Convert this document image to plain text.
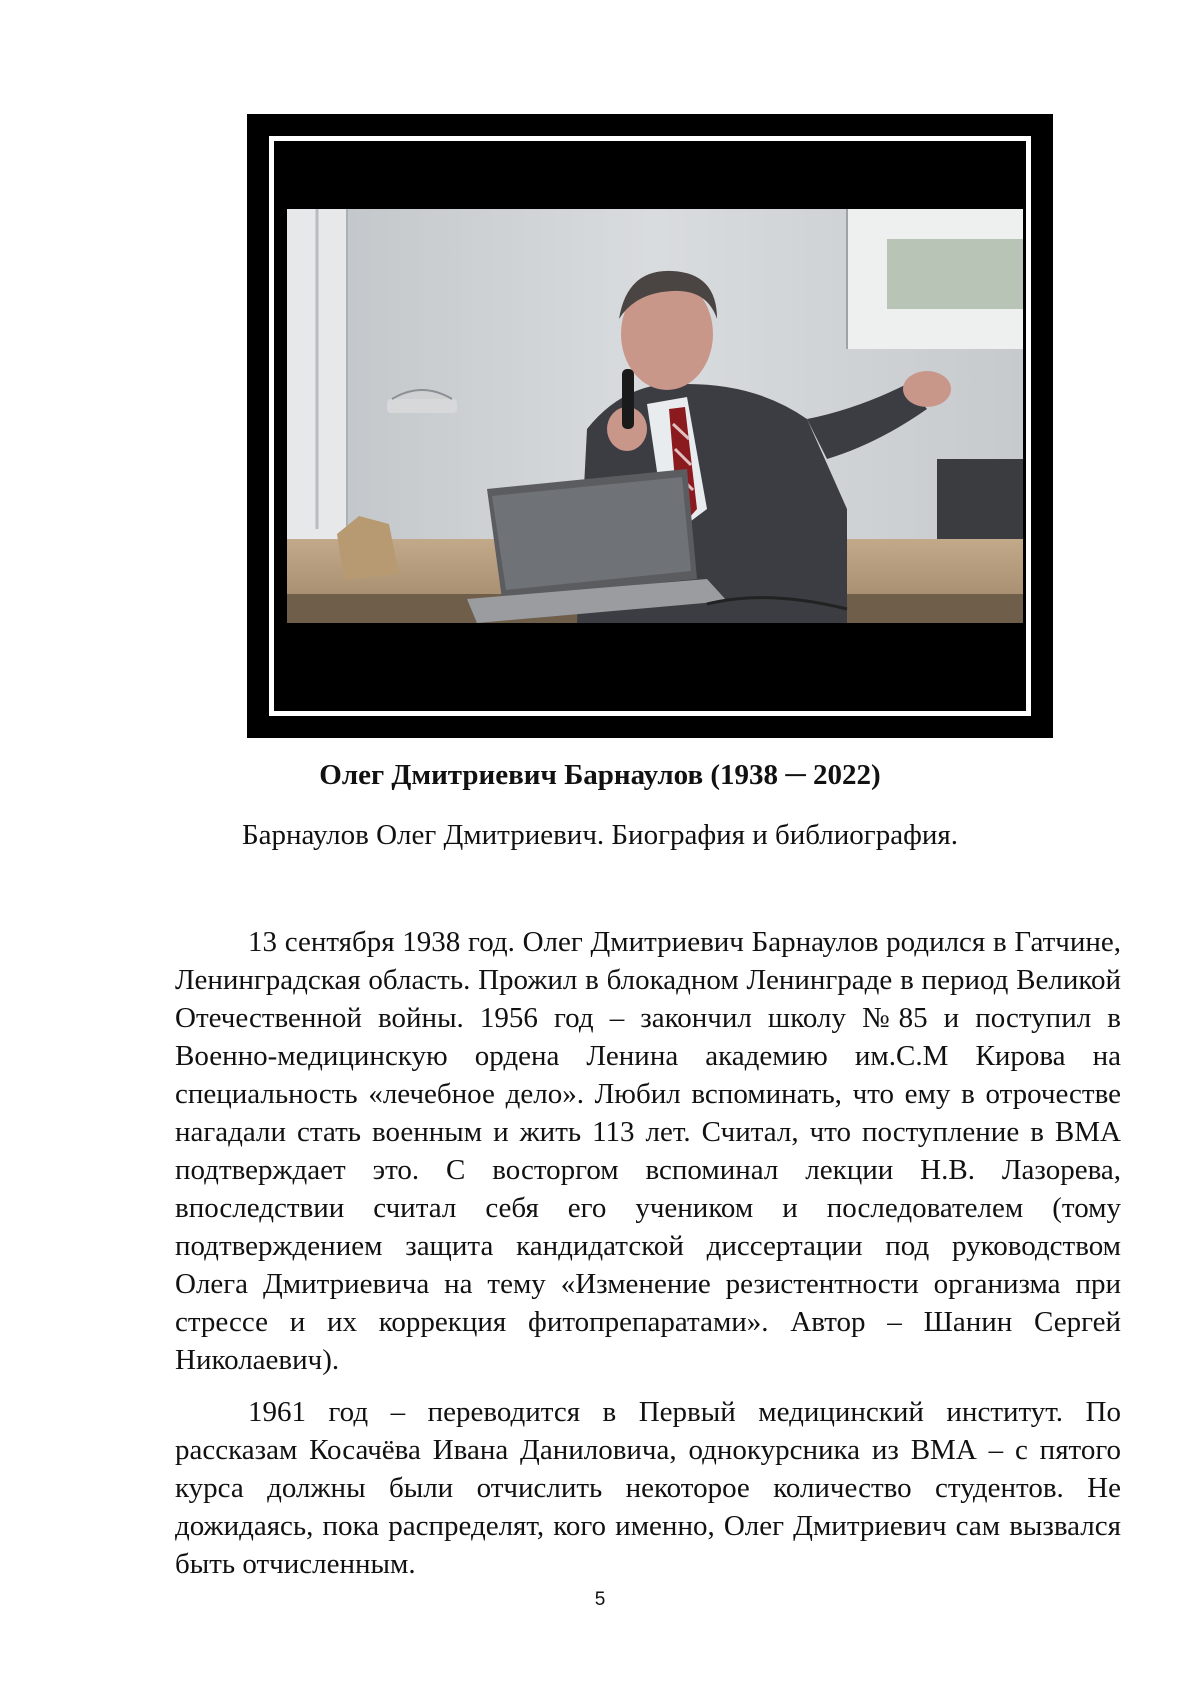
Олег Дмитриевич Барнаулов (1938 ─ 2022)
Барнаулов Олег Дмитриевич. Биография и библиография.

13 сентября 1938 год. Олег Дмитриевич Барнаулов родился в Гатчине, Ленинградская область. Прожил в блокадном Ленинграде в период Великой Отечественной войны. 1956 год – закончил школу №85 и поступил в Военно-медицинскую ордена Ленина академию им.С.М Кирова на специальность «лечебное дело». Любил вспоминать, что ему в отрочестве нагадали стать военным и жить 113 лет. Считал, что поступление в ВМА подтверждает это. С восторгом вспоминал лекции Н.В. Лазорева, впоследствии считал себя его учеником и последователем (тому подтверждением защита кандидатской диссертации под руководством Олега Дмитриевича на тему «Изменение резистентности организма при стрессе и их коррекция фитопрепаратами». Автор – Шанин Сергей Николаевич).

1961 год – переводится в Первый медицинский институт. По рассказам Косачёва Ивана Даниловича, однокурсника из ВМА – с пятого курса должны были отчислить некоторое количество студентов. Не дожидаясь, пока распределят, кого именно, Олег Дмитриевич сам вызвался быть отчисленным.

5
